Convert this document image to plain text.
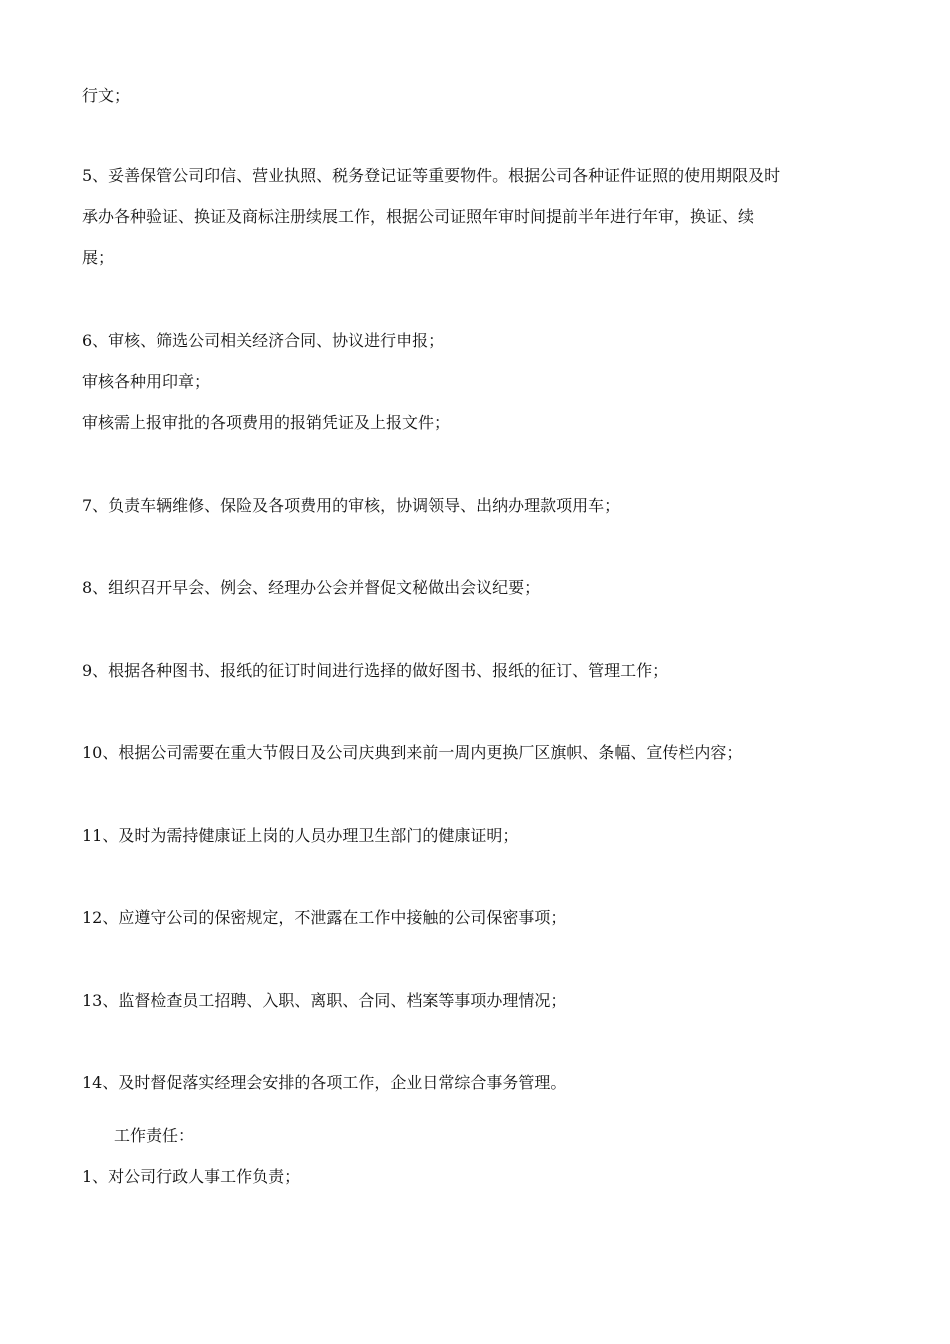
行文；
5、妥善保管公司印信、营业执照、税务登记证等重要物件。根据公司各种证件证照的使用期限及时
承办各种验证、换证及商标注册续展工作，根据公司证照年审时间提前半年进行年审，换证、续
展；
6、审核、筛选公司相关经济合同、协议进行申报；
审核各种用印章；
审核需上报审批的各项费用的报销凭证及上报文件；
7、负责车辆维修、保险及各项费用的审核，协调领导、出纳办理款项用车；
8、组织召开早会、例会、经理办公会并督促文秘做出会议纪要；
9、根据各种图书、报纸的征订时间进行选择的做好图书、报纸的征订、管理工作；
10、根据公司需要在重大节假日及公司庆典到来前一周内更换厂区旗帜、条幅、宣传栏内容；
11、及时为需持健康证上岗的人员办理卫生部门的健康证明；
12、应遵守公司的保密规定，不泄露在工作中接触的公司保密事项；
13、监督检查员工招聘、入职、离职、合同、档案等事项办理情况；
14、及时督促落实经理会安排的各项工作，企业日常综合事务管理。
工作责任：
1、对公司行政人事工作负责；
